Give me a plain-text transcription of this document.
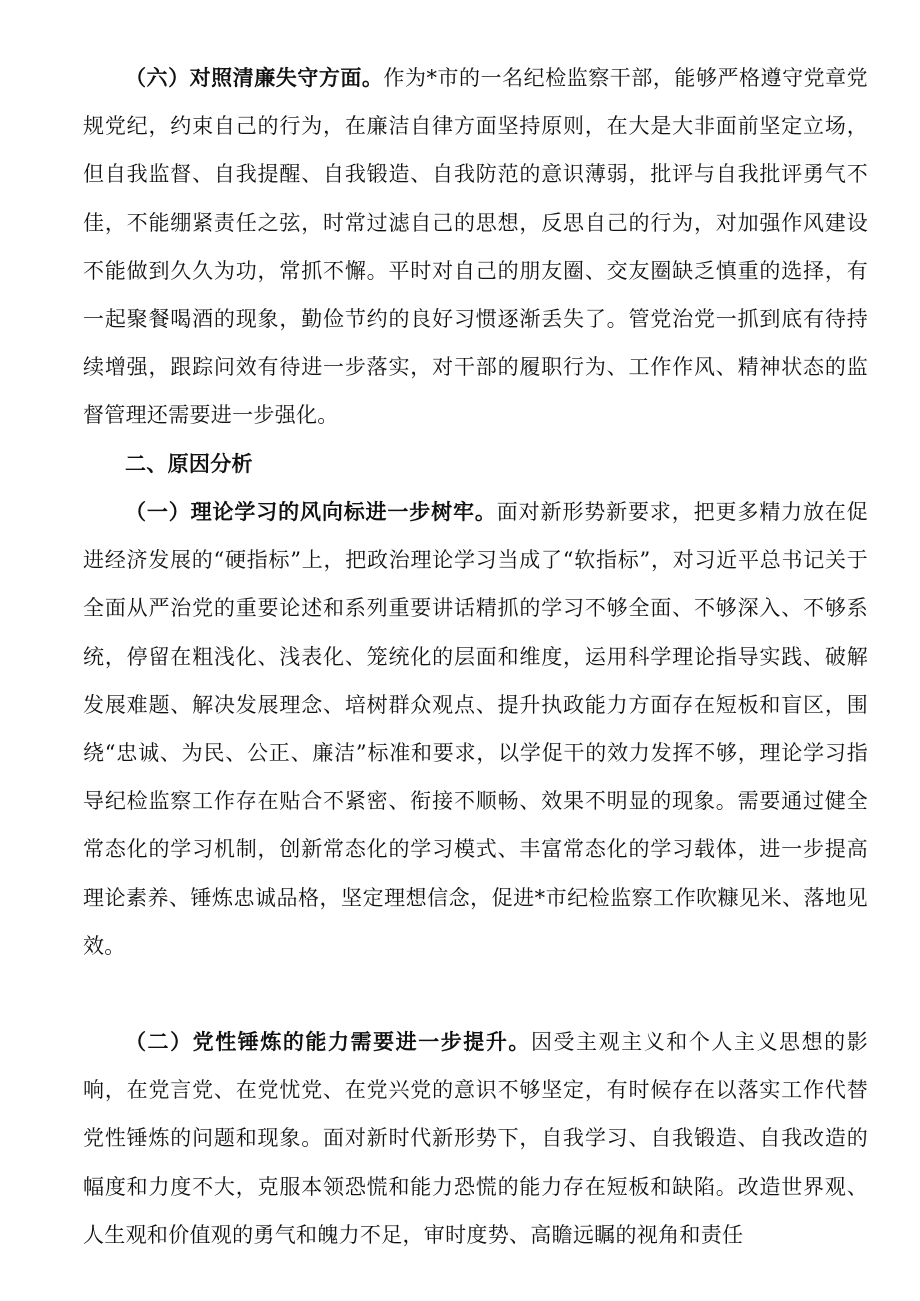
（六）对照清廉失守方面。作为*市的一名纪检监察干部，能够严格遵守党章党规党纪，约束自己的行为，在廉洁自律方面坚持原则，在大是大非面前坚定立场，但自我监督、自我提醒、自我锻造、自我防范的意识薄弱，批评与自我批评勇气不佳，不能绷紧责任之弦，时常过滤自己的思想，反思自己的行为，对加强作风建设不能做到久久为功，常抓不懈。平时对自己的朋友圈、交友圈缺乏慎重的选择，有一起聚餐喝酒的现象，勤俭节约的良好习惯逐渐丢失了。管党治党一抓到底有待持续增强，跟踪问效有待进一步落实，对干部的履职行为、工作作风、精神状态的监督管理还需要进一步强化。

二、原因分析

（一）理论学习的风向标进一步树牢。面对新形势新要求，把更多精力放在促进经济发展的“硬指标”上，把政治理论学习当成了“软指标”，对习近平总书记关于全面从严治党的重要论述和系列重要讲话精抓的学习不够全面、不够深入、不够系统，停留在粗浅化、浅表化、笼统化的层面和维度，运用科学理论指导实践、破解发展难题、解决发展理念、培树群众观点、提升执政能力方面存在短板和盲区，围绕“忠诚、为民、公正、廉洁”标准和要求，以学促干的效力发挥不够，理论学习指导纪检监察工作存在贴合不紧密、衔接不顺畅、效果不明显的现象。需要通过健全常态化的学习机制，创新常态化的学习模式、丰富常态化的学习载体，进一步提高理论素养、锤炼忠诚品格，坚定理想信念，促进*市纪检监察工作吹糠见米、落地见效。

（二）党性锤炼的能力需要进一步提升。因受主观主义和个人主义思想的影响，在党言党、在党忧党、在党兴党的意识不够坚定，有时候存在以落实工作代替党性锤炼的问题和现象。面对新时代新形势下，自我学习、自我锻造、自我改造的幅度和力度不大，克服本领恐慌和能力恐慌的能力存在短板和缺陷。改造世界观、人生观和价值观的勇气和魄力不足，审时度势、高瞻远瞩的视角和责任
